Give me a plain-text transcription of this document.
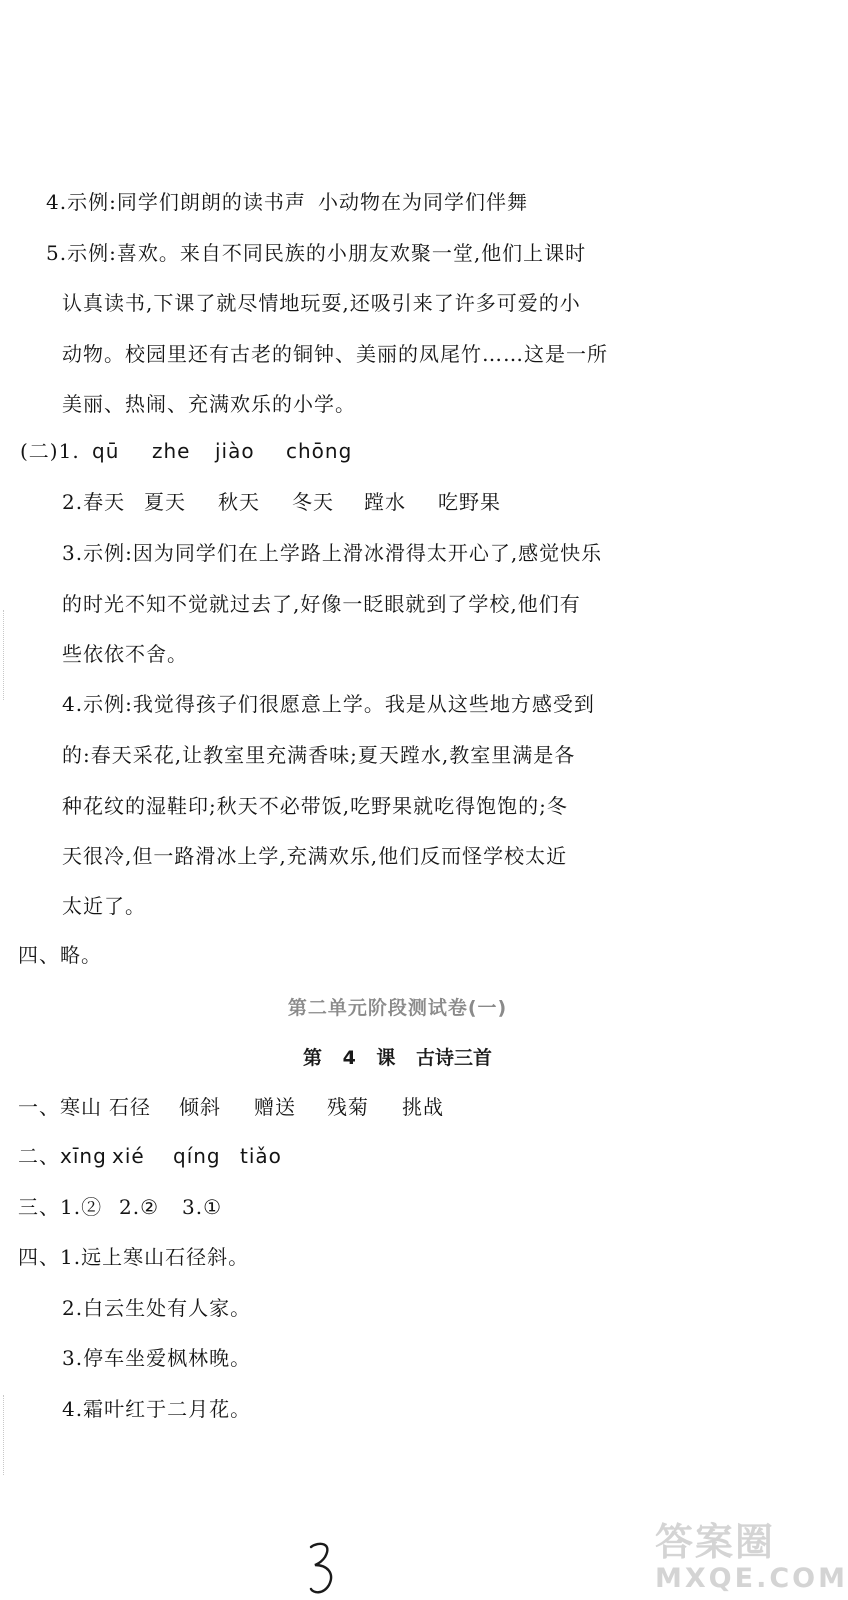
4.示例:同学们朗朗的读书声 小动物在为同学们伴舞
5.示例:喜欢。来自不同民族的小朋友欢聚一堂,他们上课时
认真读书,下课了就尽情地玩耍,还吸引来了许多可爱的小
动物。校园里还有古老的铜钟、美丽的凤尾竹……这是一所
美丽、热闹、充满欢乐的小学。
(二)1. qū zhe jiào chōng
2.春天 夏天 秋天 冬天 蹚水 吃野果
3.示例:因为同学们在上学路上滑冰滑得太开心了,感觉快乐
的时光不知不觉就过去了,好像一眨眼就到了学校,他们有
些依依不舍。
4.示例:我觉得孩子们很愿意上学。我是从这些地方感受到
的:春天采花,让教室里充满香味;夏天蹚水,教室里满是各
种花纹的湿鞋印;秋天不必带饭,吃野果就吃得饱饱的;冬
天很冷,但一路滑冰上学,充满欢乐,他们反而怪学校太近
太近了。
四、略。
第二单元阶段测试卷(一)
第 4 课 古诗三首
一、寒山 石径 倾斜 赠送 残菊 挑战
二、xīng xié qíng tiǎo
三、1.② 2.② 3.①
四、1.远上寒山石径斜。
2.白云生处有人家。
3.停车坐爱枫林晚。
4.霜叶红于二月花。
答案圈
MXQE.COM
